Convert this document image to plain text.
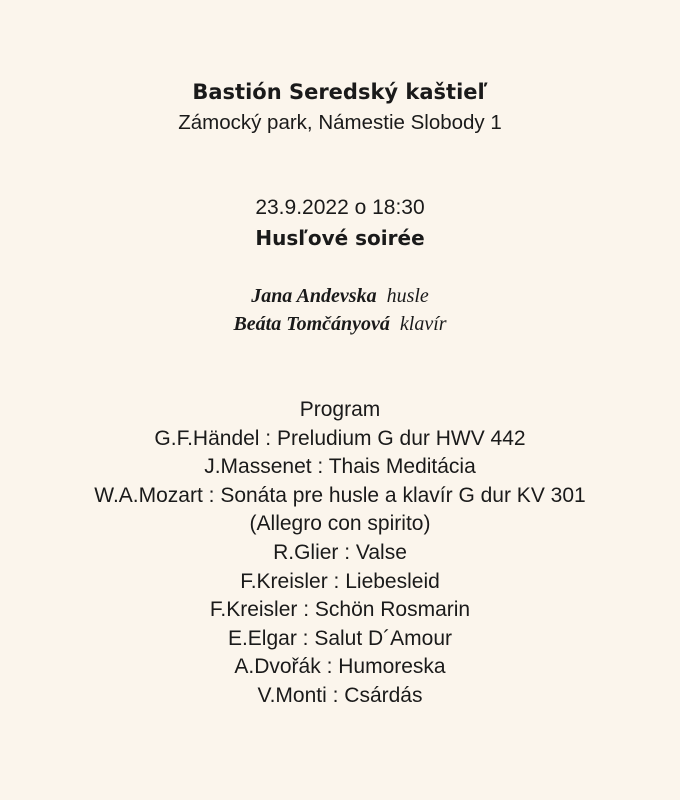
Bastión Seredský kaštieľ
Zámocký park, Námestie Slobody 1
23.9.2022 o 18:30
Husľové soirée
Jana Andevska husle
Beáta Tomčányová klavír
Program
G.F.Händel : Preludium G dur HWV 442
J.Massenet : Thais Meditácia
W.A.Mozart : Sonáta pre husle a klavír G dur KV 301
(Allegro con spirito)
R.Glier : Valse
F.Kreisler : Liebesleid
F.Kreisler : Schön Rosmarin
E.Elgar : Salut D´Amour
A.Dvořák : Humoreska
V.Monti : Csárdás
